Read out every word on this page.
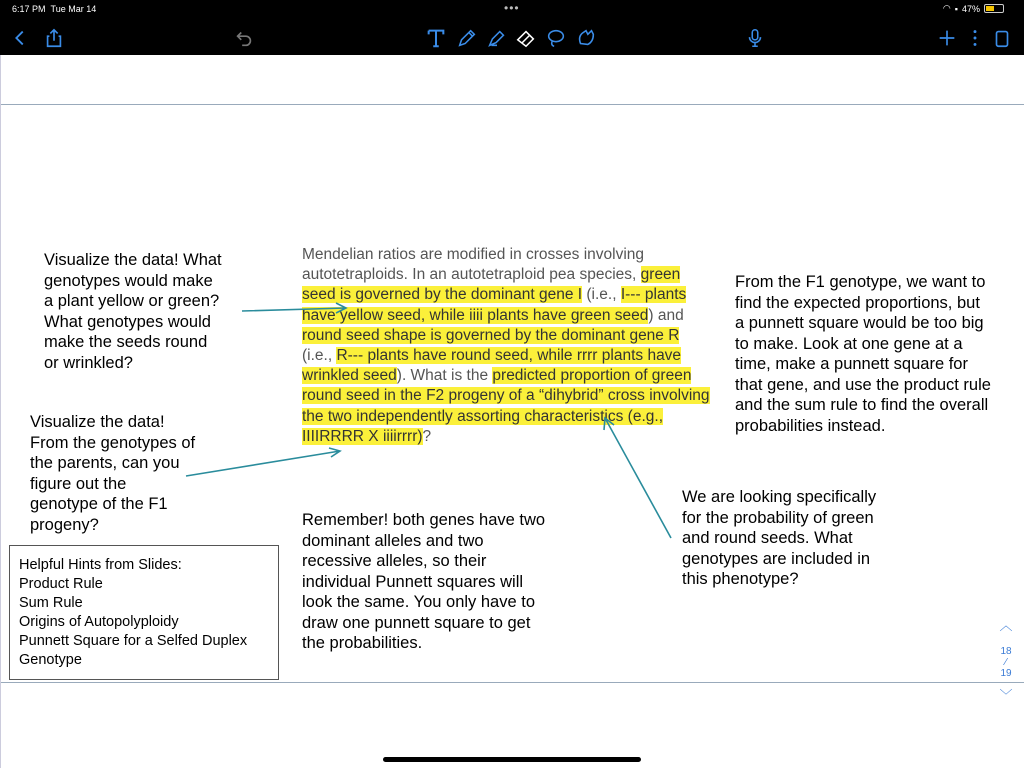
6:17 PM Tue Mar 14	•••	◠ ▪ 47%
Visualize the data! What
genotypes would make
a plant yellow or green?
What genotypes would
make the seeds round
or wrinkled?
Visualize the data!
From the genotypes of
the parents, can you
figure out the
genotype of the F1
progeny?
Mendelian ratios are modified in crosses involving autotetraploids. In an autotetraploid pea species, green seed is governed by the dominant gene I (i.e., I--- plants have yellow seed, while iiii plants have green seed) and round seed shape is governed by the dominant gene R (i.e., R--- plants have round seed, while rrrr plants have wrinkled seed). What is the predicted proportion of green round seed in the F2 progeny of a “dihybrid” cross involving the two independently assorting characteristics (e.g., IIIIRRRR X iiiirrrr)?
From the F1 genotype, we want to
find the expected proportions, but
a punnett square would be too big
to make. Look at one gene at a
time, make a punnett square for
that gene, and use the product rule
and the sum rule to find the overall
probabilities instead.
We are looking specifically
for the probability of green
and round seeds. What
genotypes are included in
this phenotype?
Remember! both genes have two
dominant alleles and two
recessive alleles, so their
individual Punnett squares will
look the same. You only have to
draw one punnett square to get
the probabilities.
Helpful Hints from Slides:
Product Rule
Sum Rule
Origins of Autopolyploidy
Punnett Square for a Selfed Duplex
Genotype
︿
18
⁄
19
﹀
